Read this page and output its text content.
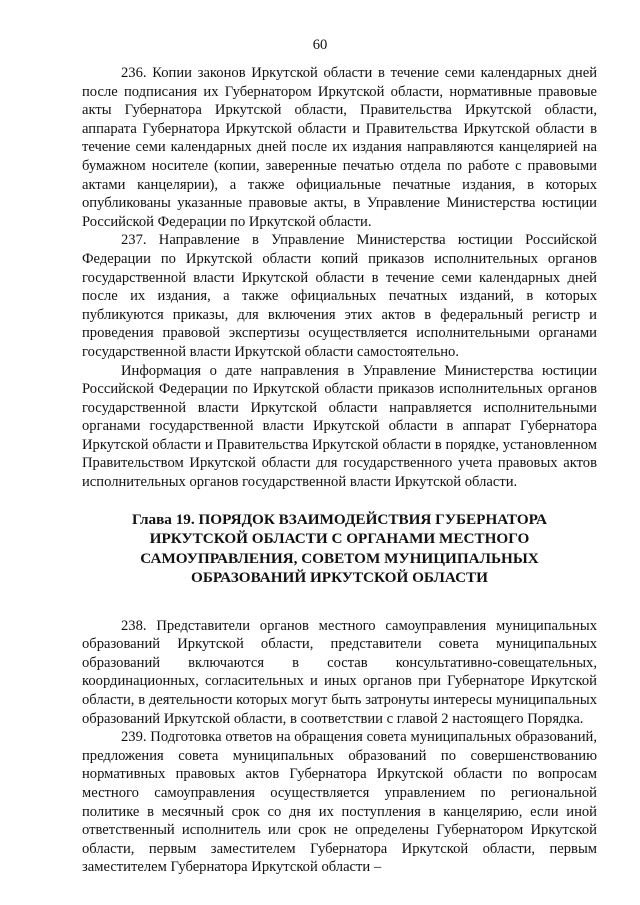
60

236. Копии законов Иркутской области в течение семи календарных дней после подписания их Губернатором Иркутской области, нормативные правовые акты Губернатора Иркутской области, Правительства Иркутской области, аппарата Губернатора Иркутской области и Правительства Иркутской области в течение семи календарных дней после их издания направляются канцелярией на бумажном носителе (копии, заверенные печатью отдела по работе с правовыми актами канцелярии), а также официальные печатные издания, в которых опубликованы указанные правовые акты, в Управление Министерства юстиции Российской Федерации по Иркутской области.

237. Направление в Управление Министерства юстиции Российской Федерации по Иркутской области копий приказов исполнительных органов государственной власти Иркутской области в течение семи календарных дней после их издания, а также официальных печатных изданий, в которых публикуются приказы, для включения этих актов в федеральный регистр и проведения правовой экспертизы осуществляется исполнительными органами государственной власти Иркутской области самостоятельно.

Информация о дате направления в Управление Министерства юстиции Российской Федерации по Иркутской области приказов исполнительных органов государственной власти Иркутской области направляется исполнительными органами государственной власти Иркутской области в аппарат Губернатора Иркутской области и Правительства Иркутской области в порядке, установленном Правительством Иркутской области для государственного учета правовых актов исполнительных органов государственной власти Иркутской области.

Глава 19. ПОРЯДОК ВЗАИМОДЕЙСТВИЯ ГУБЕРНАТОРА ИРКУТСКОЙ ОБЛАСТИ С ОРГАНАМИ МЕСТНОГО САМОУПРАВЛЕНИЯ, СОВЕТОМ МУНИЦИПАЛЬНЫХ ОБРАЗОВАНИЙ ИРКУТСКОЙ ОБЛАСТИ

238. Представители органов местного самоуправления муниципальных образований Иркутской области, представители совета муниципальных образований включаются в состав консультативно-совещательных, координационных, согласительных и иных органов при Губернаторе Иркутской области, в деятельности которых могут быть затронуты интересы муниципальных образований Иркутской области, в соответствии с главой 2 настоящего Порядка.

239. Подготовка ответов на обращения совета муниципальных образований, предложения совета муниципальных образований по совершенствованию нормативных правовых актов Губернатора Иркутской области по вопросам местного самоуправления осуществляется управлением по региональной политике в месячный срок со дня их поступления в канцелярию, если иной ответственный исполнитель или срок не определены Губернатором Иркутской области, первым заместителем Губернатора Иркутской области, первым заместителем Губернатора Иркутской области –
